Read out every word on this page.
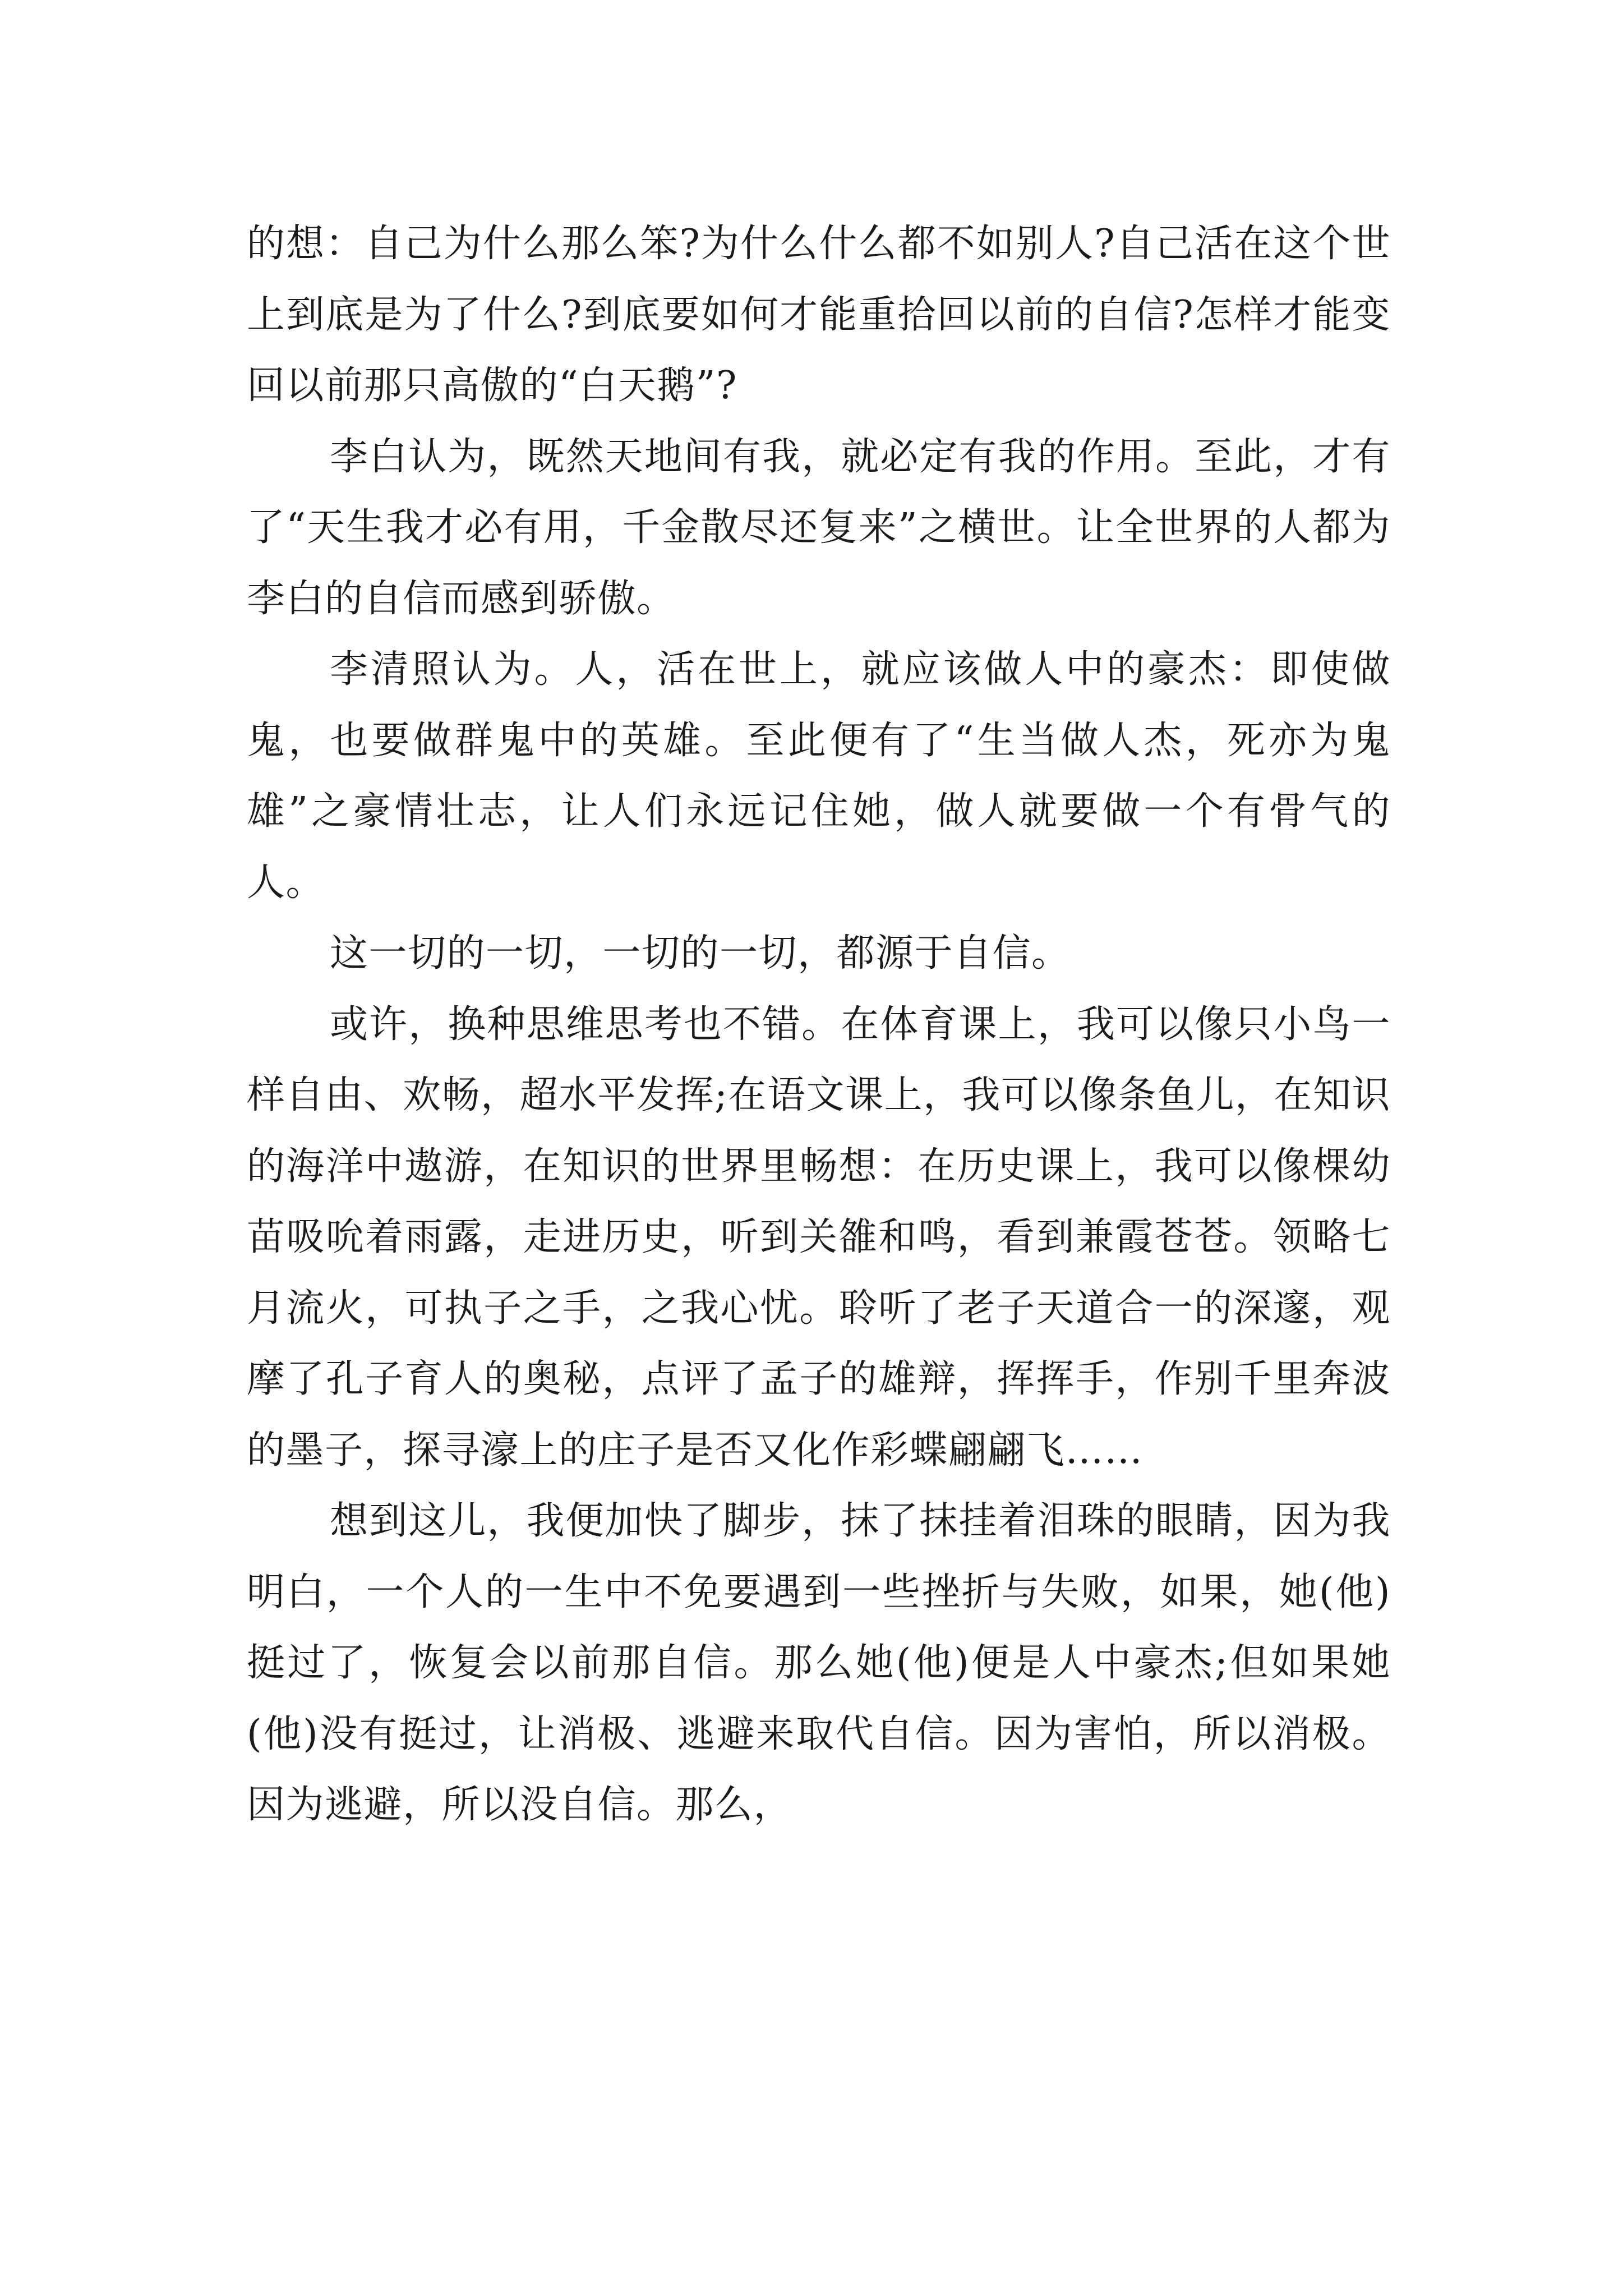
的想：自己为什么那么笨?为什么什么都不如别人?自己活在这个世上到底是为了什么?到底要如何才能重拾回以前的自信?怎样才能变回以前那只高傲的“白天鹅”?

李白认为，既然天地间有我，就必定有我的作用。至此，才有了“天生我才必有用，千金散尽还复来”之横世。让全世界的人都为李白的自信而感到骄傲。

李清照认为。人，活在世上，就应该做人中的豪杰：即使做鬼，也要做群鬼中的英雄。至此便有了“生当做人杰，死亦为鬼雄”之豪情壮志，让人们永远记住她，做人就要做一个有骨气的人。

这一切的一切，一切的一切，都源于自信。

或许，换种思维思考也不错。在体育课上，我可以像只小鸟一样自由、欢畅，超水平发挥;在语文课上，我可以像条鱼儿，在知识的海洋中遨游，在知识的世界里畅想：在历史课上，我可以像棵幼苗吸吮着雨露，走进历史，听到关雒和鸣，看到兼霞苍苍。领略七月流火，可执子之手，之我心忧。聆听了老子天道合一的深邃，观摩了孔子育人的奥秘，点评了孟子的雄辩，挥挥手，作别千里奔波的墨子，探寻濠上的庄子是否又化作彩蝶翩翩飞……

想到这儿，我便加快了脚步，抹了抹挂着泪珠的眼睛，因为我明白，一个人的一生中不免要遇到一些挫折与失败，如果，她(他)挺过了，恢复会以前那自信。那么她(他)便是人中豪杰;但如果她(他)没有挺过，让消极、逃避来取代自信。因为害怕，所以消极。因为逃避，所以没自信。那么，
